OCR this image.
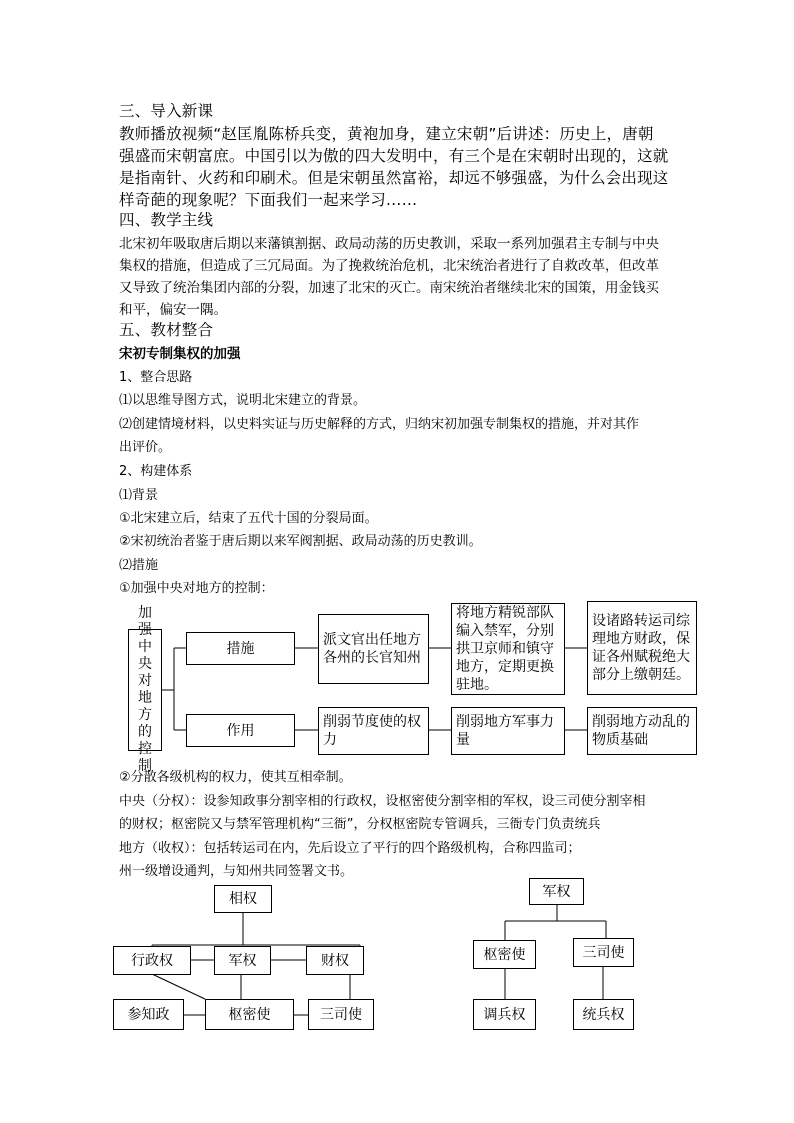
三、导入新课
教师播放视频“赵匡胤陈桥兵变，黄袍加身，建立宋朝”后讲述：历史上，唐朝
强盛而宋朝富庶。中国引以为傲的四大发明中，有三个是在宋朝时出现的，这就
是指南针、火药和印刷术。但是宋朝虽然富裕，却远不够强盛，为什么会出现这
样奇葩的现象呢？下面我们一起来学习……
四、教学主线
北宋初年吸取唐后期以来藩镇割据、政局动荡的历史教训，采取一系列加强君主专制与中央
集权的措施，但造成了三冗局面。为了挽救统治危机，北宋统治者进行了自救改革，但改革
又导致了统治集团内部的分裂，加速了北宋的灭亡。南宋统治者继续北宋的国策，用金钱买
和平，偏安一隅。
五、教材整合
宋初专制集权的加强
1、整合思路
⑴以思维导图方式，说明北宋建立的背景。
⑵创建情境材料，以史料实证与历史解释的方式，归纳宋初加强专制集权的措施，并对其作
出评价。
2、构建体系
⑴背景
①北宋建立后，结束了五代十国的分裂局面。
②宋初统治者鉴于唐后期以来军阀割据、政局动荡的历史教训。
⑵措施
①加强中央对地方的控制：
加强中央对地方的控制
措施
作用
派文官出任地方各州的长官知州
将地方精锐部队编入禁军，分别拱卫京师和镇守地方，定期更换驻地。
设诸路转运司综理地方财政，保证各州赋税绝大部分上缴朝廷。
削弱节度使的权力
削弱地方军事力量
削弱地方动乱的物质基础
②分散各级机构的权力，使其互相牵制。
中央（分权）：设参知政事分割宰相的行政权，设枢密使分割宰相的军权，设三司使分割宰相
的财权；枢密院又与禁军管理机构“三衙”，分权枢密院专管调兵，三衙专门负责统兵
地方（收权）：包括转运司在内，先后设立了平行的四个路级机构，合称四监司；
州一级增设通判，与知州共同签署文书。
相权
行政权	军权	财权
参知政	枢密使	三司使
军权
枢密使	三司使
调兵权	统兵权
